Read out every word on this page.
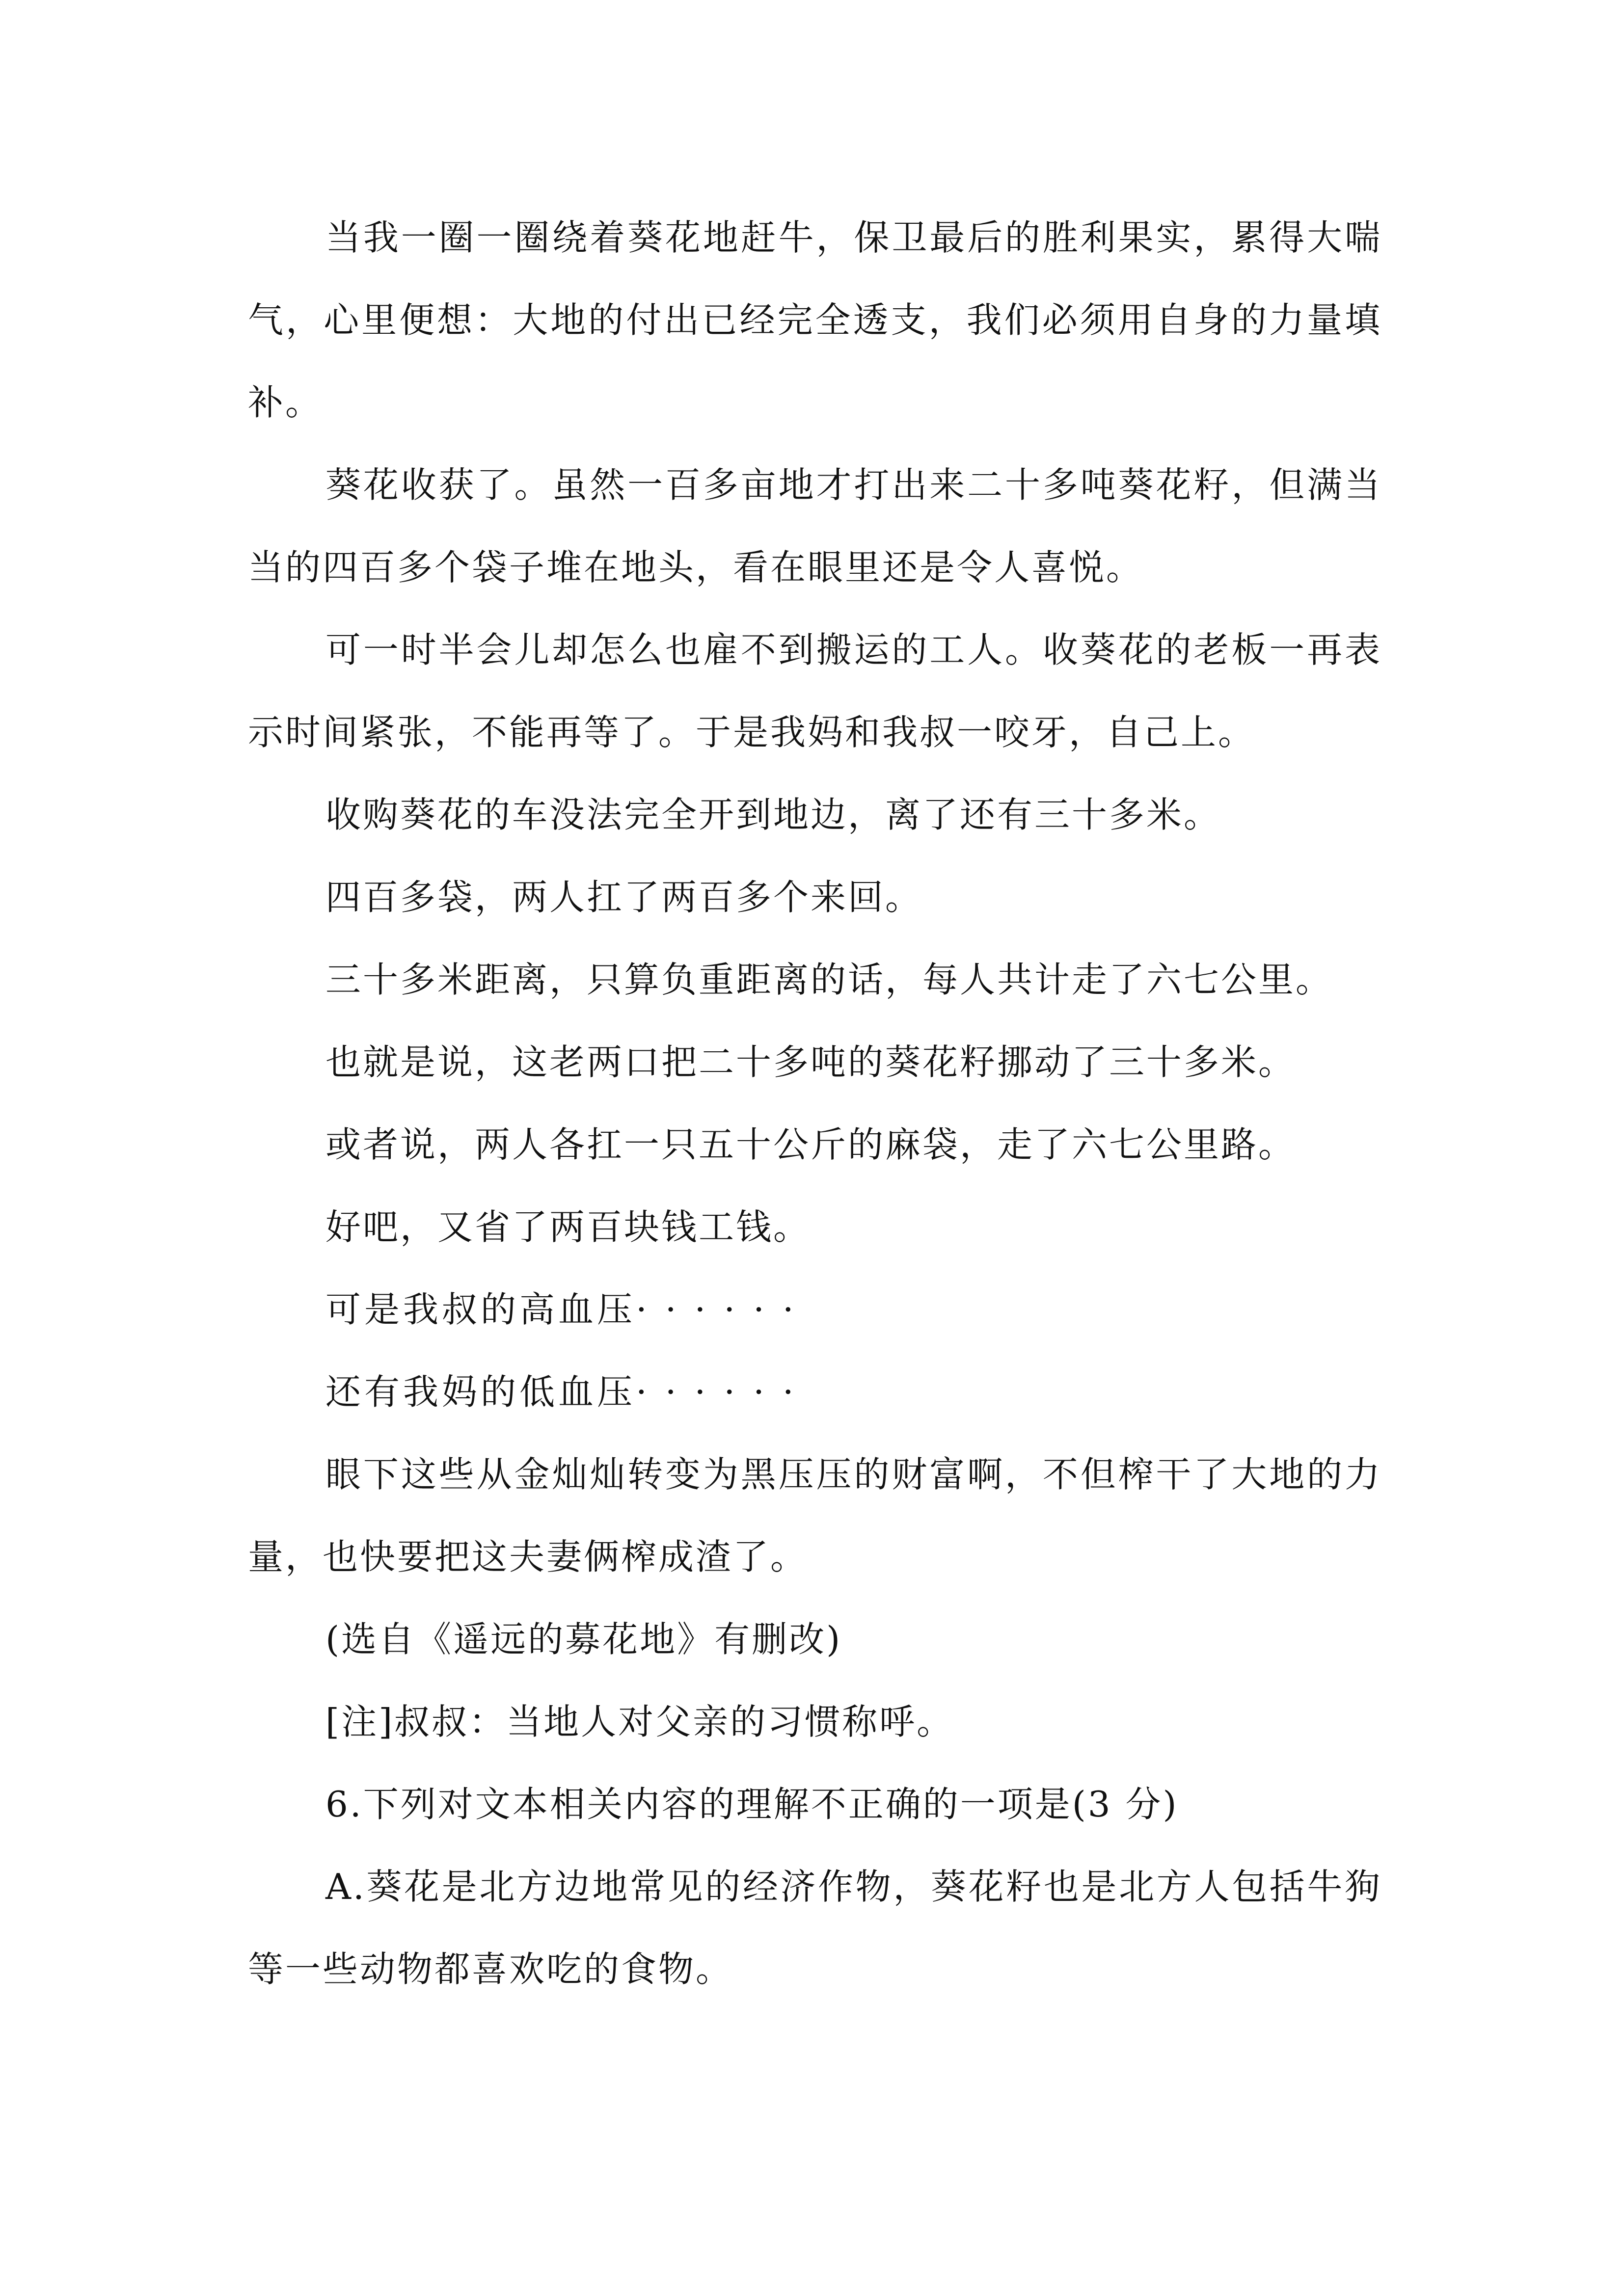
当我一圈一圈绕着葵花地赶牛，保卫最后的胜利果实，累得大喘气，心里便想：大地的付出已经完全透支，我们必须用自身的力量填补。

葵花收获了。虽然一百多亩地才打出来二十多吨葵花籽，但满当当的四百多个袋子堆在地头，看在眼里还是令人喜悦。

可一时半会儿却怎么也雇不到搬运的工人。收葵花的老板一再表示时间紧张，不能再等了。于是我妈和我叔一咬牙，自己上。

收购葵花的车没法完全开到地边，离了还有三十多米。

四百多袋，两人扛了两百多个来回。

三十多米距离，只算负重距离的话，每人共计走了六七公里。

也就是说，这老两口把二十多吨的葵花籽挪动了三十多米。

或者说，两人各扛一只五十公斤的麻袋，走了六七公里路。

好吧，又省了两百块钱工钱。

可是我叔的高血压· · · · · ·

还有我妈的低血压· · · · · ·

眼下这些从金灿灿转变为黑压压的财富啊，不但榨干了大地的力量，也快要把这夫妻俩榨成渣了。

(选自《遥远的募花地》有删改)

[注]叔叔：当地人对父亲的习惯称呼。

6.下列对文本相关内容的理解不正确的一项是(3 分)

A.葵花是北方边地常见的经济作物，葵花籽也是北方人包括牛狗等一些动物都喜欢吃的食物。
